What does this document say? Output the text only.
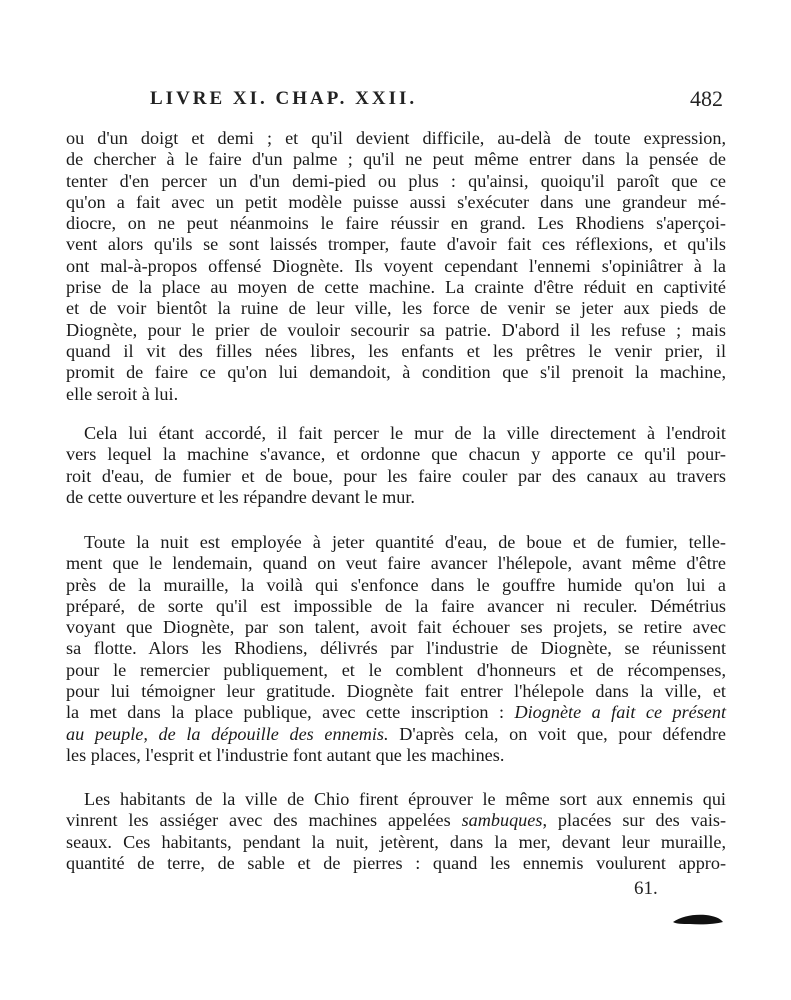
LIVRE XI. CHAP. XXII.	482
ou d'un doigt et demi ; et qu'il devient difficile, au-delà de toute expression,
de chercher à le faire d'un palme ; qu'il ne peut même entrer dans la pensée de
tenter d'en percer un d'un demi-pied ou plus : qu'ainsi, quoiqu'il paroît que ce
qu'on a fait avec un petit modèle puisse aussi s'exécuter dans une grandeur mé-
diocre, on ne peut néanmoins le faire réussir en grand. Les Rhodiens s'aperçoi-
vent alors qu'ils se sont laissés tromper, faute d'avoir fait ces réflexions, et qu'ils
ont mal-à-propos offensé Diognète. Ils voyent cependant l'ennemi s'opiniâtrer à la
prise de la place au moyen de cette machine. La crainte d'être réduit en captivité
et de voir bientôt la ruine de leur ville, les force de venir se jeter aux pieds de
Diognète, pour le prier de vouloir secourir sa patrie. D'abord il les refuse ; mais
quand il vit des filles nées libres, les enfants et les prêtres le venir prier, il
promit de faire ce qu'on lui demandoit, à condition que s'il prenoit la machine,
elle seroit à lui.
Cela lui étant accordé, il fait percer le mur de la ville directement à l'endroit
vers lequel la machine s'avance, et ordonne que chacun y apporte ce qu'il pour-
roit d'eau, de fumier et de boue, pour les faire couler par des canaux au travers
de cette ouverture et les répandre devant le mur.
Toute la nuit est employée à jeter quantité d'eau, de boue et de fumier, telle-
ment que le lendemain, quand on veut faire avancer l'hélepole, avant même d'être
près de la muraille, la voilà qui s'enfonce dans le gouffre humide qu'on lui a
préparé, de sorte qu'il est impossible de la faire avancer ni reculer. Démétrius
voyant que Diognète, par son talent, avoit fait échouer ses projets, se retire avec
sa flotte. Alors les Rhodiens, délivrés par l'industrie de Diognète, se réunissent
pour le remercier publiquement, et le comblent d'honneurs et de récompenses,
pour lui témoigner leur gratitude. Diognète fait entrer l'hélepole dans la ville, et
la met dans la place publique, avec cette inscription : Diognète a fait ce présent
au peuple, de la dépouille des ennemis. D'après cela, on voit que, pour défendre
les places, l'esprit et l'industrie font autant que les machines.
Les habitants de la ville de Chio firent éprouver le même sort aux ennemis qui
vinrent les assiéger avec des machines appelées sambuques, placées sur des vais-
seaux. Ces habitants, pendant la nuit, jetèrent, dans la mer, devant leur muraille,
quantité de terre, de sable et de pierres : quand les ennemis voulurent appro-
61.
